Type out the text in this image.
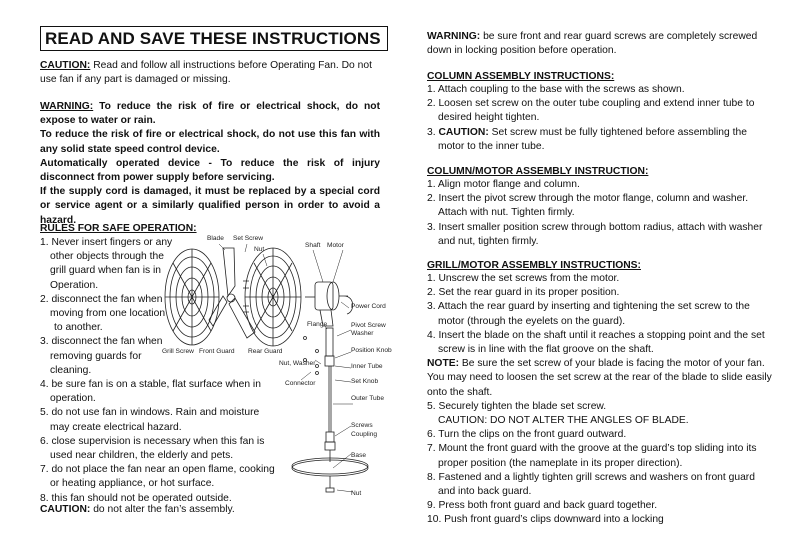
READ AND SAVE THESE INSTRUCTIONS

CAUTION: Read and follow all instructions before Operating Fan. Do not use fan if any part is damaged or missing.

WARNING: To reduce the risk of fire or electrical shock, do not expose to water or rain.

To reduce the risk of fire or electrical shock, do not use this fan with any solid state speed control device.

Automatically operated device - To reduce the risk of injury disconnect from power supply before servicing.

If the supply cord is damaged, it must be replaced by a special cord or service agent or a similarly qualified person in order to avoid a hazard.

RULES FOR SAFE OPERATION:

1. Never insert fingers or any

other objects through the

grill guard when fan is in

Operation.

2. disconnect the fan when

moving from one location

to another.

3. disconnect the fan when

removing guards for

cleaning.

4. be sure fan is on a stable, flat surface when in

operation.

5. do not use fan in windows. Rain and moisture

may create electrical hazard.

6. close supervision is necessary when this fan is

used near children, the elderly and pets.

7. do not place the fan near an open flame, cooking

or heating appliance, or hot surface.

8. this fan should not be operated outside.

CAUTION: do not alter the fan’s assembly.

Blade Set Screw
Nut
Shaft Motor
Power Cord
Flange	Pivot Screw
Washer
Grill Screw Front Guard Rear Guard	Position Knob
Nut, Washer	Inner Tube
Connector	Set Knob
Outer Tube
Screws
Coupling
Base
Nut

WARNING: be sure front and rear guard screws are completely screwed down in locking position before operation.

COLUMN ASSEMBLY INSTRUCTIONS:

1. Attach coupling to the base with the screws as shown.

2. Loosen set screw on the outer tube coupling and extend inner tube to desired height tighten.

3. CAUTION: Set screw must be fully tightened before assembling the motor to the inner tube.

COLUMN/MOTOR ASSEMBLY INSTRUCTION:

1. Align motor flange and column.

2. Insert the pivot screw through the motor flange, column and washer. Attach with nut. Tighten firmly.

3. Insert smaller position screw through bottom radius, attach with washer and nut, tighten firmly.

GRILL/MOTOR ASSEMBLY INSTRUCTIONS:

1. Unscrew the set screws from the motor.

2. Set the rear guard in its proper position.

3. Attach the rear guard by inserting and tightening the set screw to the motor (through the eyelets on the guard).

4. Insert the blade on the shaft until it reaches a stopping point and the set screw is in line with the flat groove on the shaft.

NOTE: Be sure the set screw of your blade is facing the motor of your fan. You may need to loosen the set screw at the rear of the blade to slide easily onto the shaft.

5. Securely tighten the blade set screw.

CAUTION: DO NOT ALTER THE ANGLES OF BLADE.

6. Turn the clips on the front guard outward.

7. Mount the front guard with the groove at the guard’s top sliding into its proper position (the nameplate in its proper direction).

8. Fastened and a lightly tighten grill screws and washers on front guard and into back guard.

9. Press both front guard and back guard together.

10. Push front guard’s clips downward into a locking
